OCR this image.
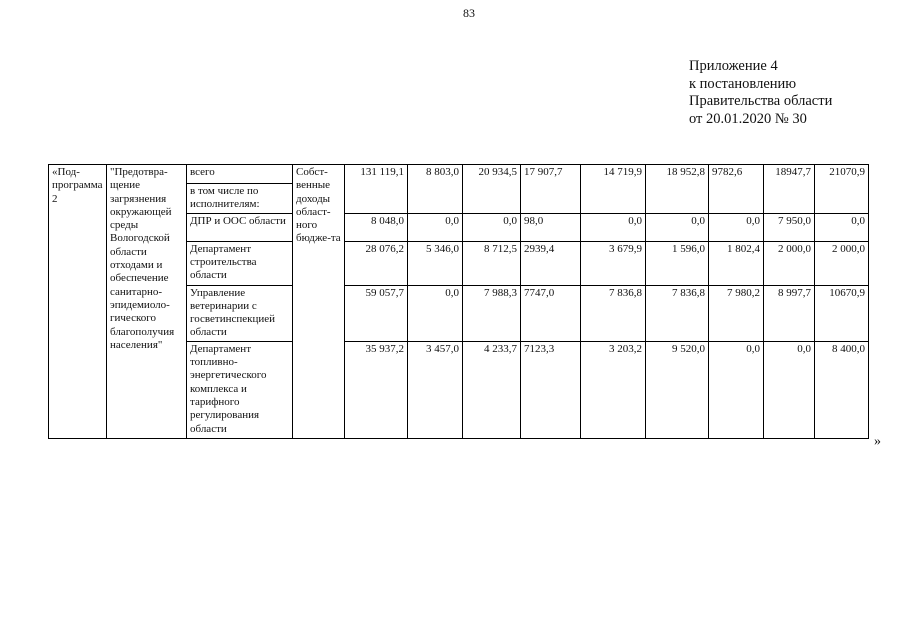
83
Приложение 4
к постановлению
Правительства области
от 20.01.2020 № 30
«Под-программа 2	"Предотвра-щение загрязнения окружающей среды Вологодской области отходами и обеспечение санитарно-эпидемиоло-гического благополучия населения"	всего	Собст-венные доходы област-ного бюдже-та	131 119,1	8 803,0	20 934,5	17 907,7	14 719,9	18 952,8	9782,6	18947,7	21070,9
		в том числе по исполнителям:										
		ДПР и ООС области		8 048,0	0,0	0,0	98,0	0,0	0,0	0,0	7 950,0	0,0
		Департамент строительства области		28 076,2	5 346,0	8 712,5	2939,4	3 679,9	1 596,0	1 802,4	2 000,0	2 000,0
		Управление ветеринарии с госветинспекцией области		59 057,7	0,0	7 988,3	7747,0	7 836,8	7 836,8	7 980,2	8 997,7	10670,9
		Департамент топливно-энергетического комплекса и тарифного регулирования области		35 937,2	3 457,0	4 233,7	7123,3	3 203,2	9 520,0	0,0	0,0	8 400,0
»
